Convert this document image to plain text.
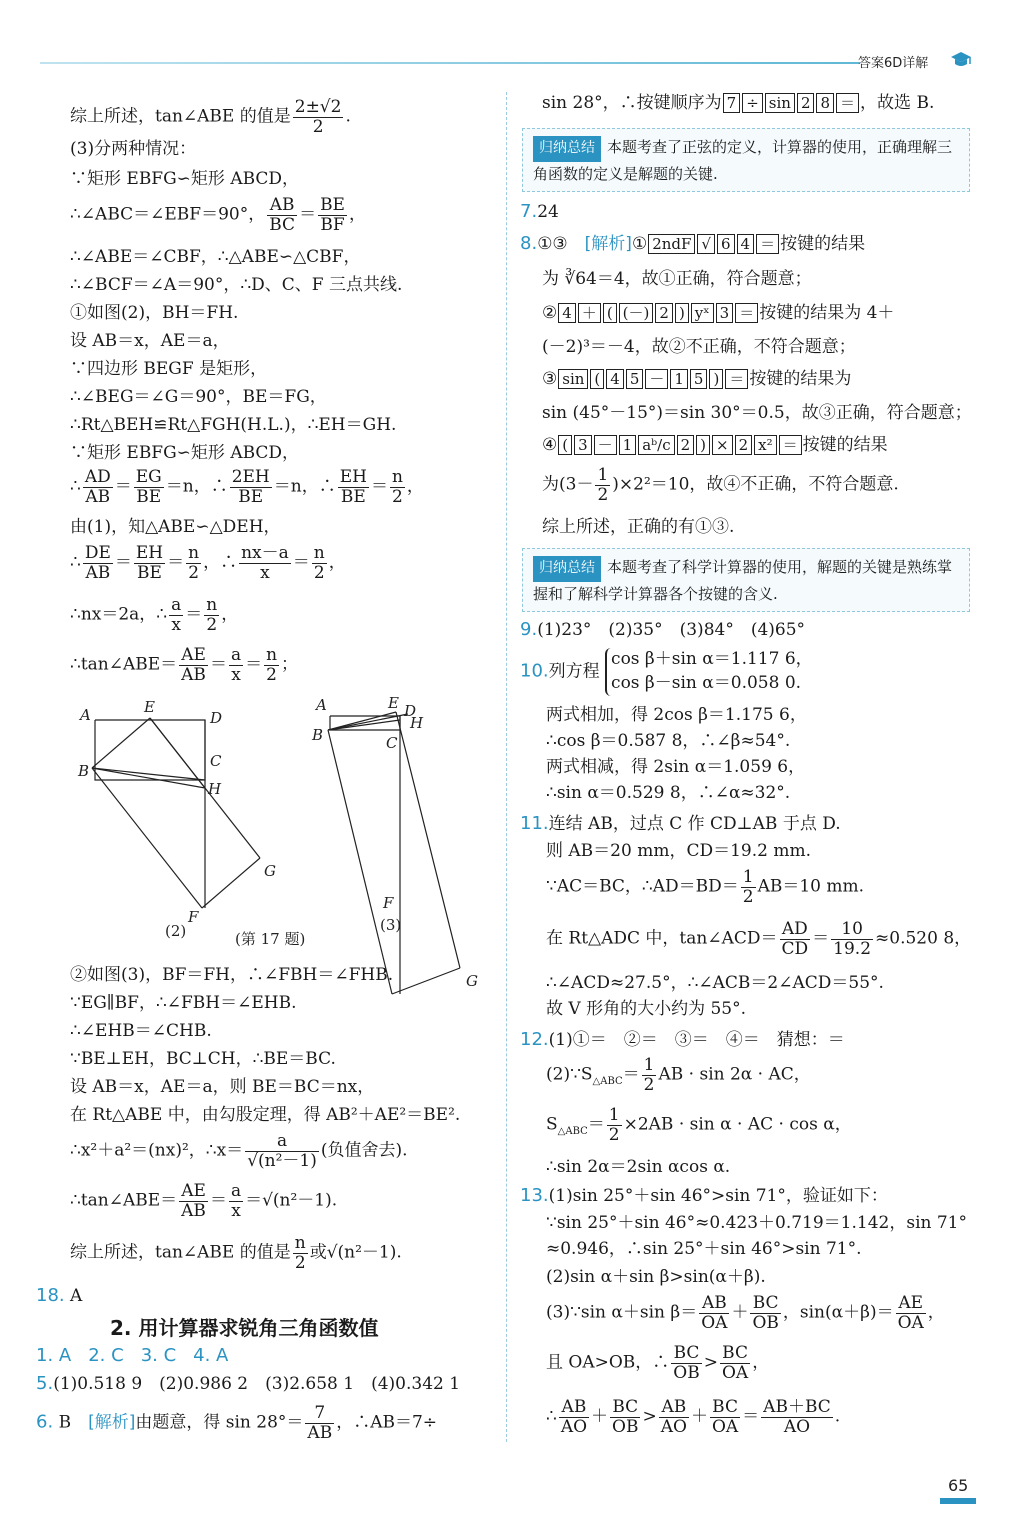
答案6D详解
综上所述，tan∠ABE 的值是 $\frac{2\pm√2}{2}$ .
(3)分两种情况：
∵矩形 EBFG∽矩形 ABCD，
∴∠ABC＝∠EBF＝90°， $\frac{AB}{BC} = \frac{BE}{BF}$ ，
∴∠ABE＝∠CBF，∴△ABE∽△CBF，
∴∠BCF＝∠A＝90°，∴D、C、F 三点共线.
①如图(2)，BH＝FH.
设 AB＝x，AE＝a，
∵四边形 BEGF 是矩形，
∴∠BEG＝∠G＝90°，BE＝FG，
∴Rt△BEH≌Rt△FGH(H.L.)，∴EH＝GH.
∵矩形 EBFG∽矩形 ABCD，
∴ $\frac{AD}{AB} = \frac{EG}{BE} =n$，∴ $\frac{2EH}{BE} =n$，∴ $\frac{EH}{BE} = \frac{n}{2}$ ，
由(1)，知△ABE∽△DEH，
∴ $\frac{DE}{AB} = \frac{EH}{BE} = \frac{n}{2}$ ，∴ $\frac{nx-a}{x} = \frac{n}{2}$ ，
∴nx＝2a，∴ $\frac{a}{x} = \frac{n}{2}$ ，
∴tan∠ABE＝ $\frac{AE}{AB} = \frac{a}{x} = \frac{n}{2}$ ；
A	E
D
C
B
H
G
F
(2)
A	E D
H
B	C
G
F
(3)
(第 17 题)
②如图(3)，BF＝FH，∴∠FBH＝∠FHB.
∵EG∥BF，∴∠FBH＝∠EHB.
∴∠EHB＝∠CHB.
∵BE⊥EH，BC⊥CH，∴BE＝BC.
设 AB＝x，AE＝a，则 BE＝BC＝nx，
在 Rt△ABE 中，由勾股定理，得 AB²＋AE²＝BE².
∴x²＋a²＝(nx)²，∴x＝ $\frac{a}{\text{√(n²－1)}}$ (负值舍去).
∴tan∠ABE＝ $\frac{AE}{AB} = \frac{a}{x} =√(n^2-1)$.
综上所述，tan∠ABE 的值是 $\frac{n}{2}$ 或√(n²－1).
18. A
2. 用计算器求锐角三角函数值
1. A　 2. C　 3. C　 4. A
5.(1)0.518 9　(2)0.986 2　(3)2.658 1　(4)0.342 1
6. B　 [解析]由题意，得 $\sin 28^\circ= \frac{7}{AB}$ ，∴AB＝7÷
sin 28°，∴按键顺序为 7 ÷ sin 2 8 ＝ ，故选 B.
归纳总结 本题考查了正弦的定义，计算器的使用，正确理解三角函数的定义是解题的关键.
7.24
8.①③　 [解析]① 2ndF √ 6 4 ＝ 按键的结果
为 ∛64＝4，故①正确，符合题意；
② 4 ＋ ( (－) 2 ) yˣ 3 ＝ 按键的结果为 4＋
(－2)³＝－4，故②不正确，不符合题意；
③ sin ( 4 5 － 1 5 ) ＝ 按键的结果为
sin (45°－15°)＝sin 30°＝0.5，故③正确，符合题意；
④ ( 3 － 1 aᵇ/c 2 ) × 2 x² ＝ 按键的结果
为$(3- \frac{1}{2} )\times 2^2=10$，故④不正确，不符合题意.
综上所述，正确的有①③.
归纳总结 本题考查了科学计算器的使用，解题的关键是熟练掌握和了解科学计算器各个按键的含义.
9.(1)23°　(2)35°　(3)84°　(4)65°
10.列方程
cos β＋sin α＝1.117 6，
cos β－sin α＝0.058 0.
两式相加，得 2cos β＝1.175 6，
∴cos β＝0.587 8，∴∠β≈54°.
两式相减，得 2sin α＝1.059 6，
∴sin α＝0.529 8，∴∠α≈32°.
11.连结 AB，过点 C 作 CD⊥AB 于点 D.
则 AB＝20 mm，CD＝19.2 mm.
∵AC＝BC，∴AD＝BD＝ $\frac{1}{2} AB=10$ mm.
在 Rt△ADC 中，tan∠ACD＝ $\frac{AD}{CD} = \frac{10}{19.2} \approx 0.520$ 8，
∴∠ACD≈27.5°，∴∠ACB＝2∠ACD＝55°.
故 V 形角的大小约为 55°.
12.(1)①＝　②＝　③＝　④＝　猜想：＝
$(2)\because S_{\triangle ABC}= \frac{1}{2}$ AB · sin 2α · AC，
$S_{\triangle ABC}= \frac{1}{2} \times 2AB \cdot \sin \alpha$ · AC · cos α，
∴sin 2α＝2sin αcos α.
13.(1)sin 25°＋sin 46°>sin 71°，验证如下：
∵sin 25°＋sin 46°≈0.423＋0.719＝1.142，sin 71°
≈0.946，∴sin 25°＋sin 46°>sin 71°.
(2)sin α＋sin β>sin(α＋β).
(3)∵sin α＋sin $\beta= \frac{AB}{OA} + \frac{BC}{OB}$ ，$\sin(\alpha+\beta)= \frac{AE}{OA}$ ，
且 OA>OB，∴ $\frac{BC}{OB} > \frac{BC}{OA}$ ，
∴ $\frac{AB}{AO} + \frac{BC}{OB} > \frac{AB}{AO} + \frac{BC}{OA} = \frac{AB+BC}{AO}$ .
65
